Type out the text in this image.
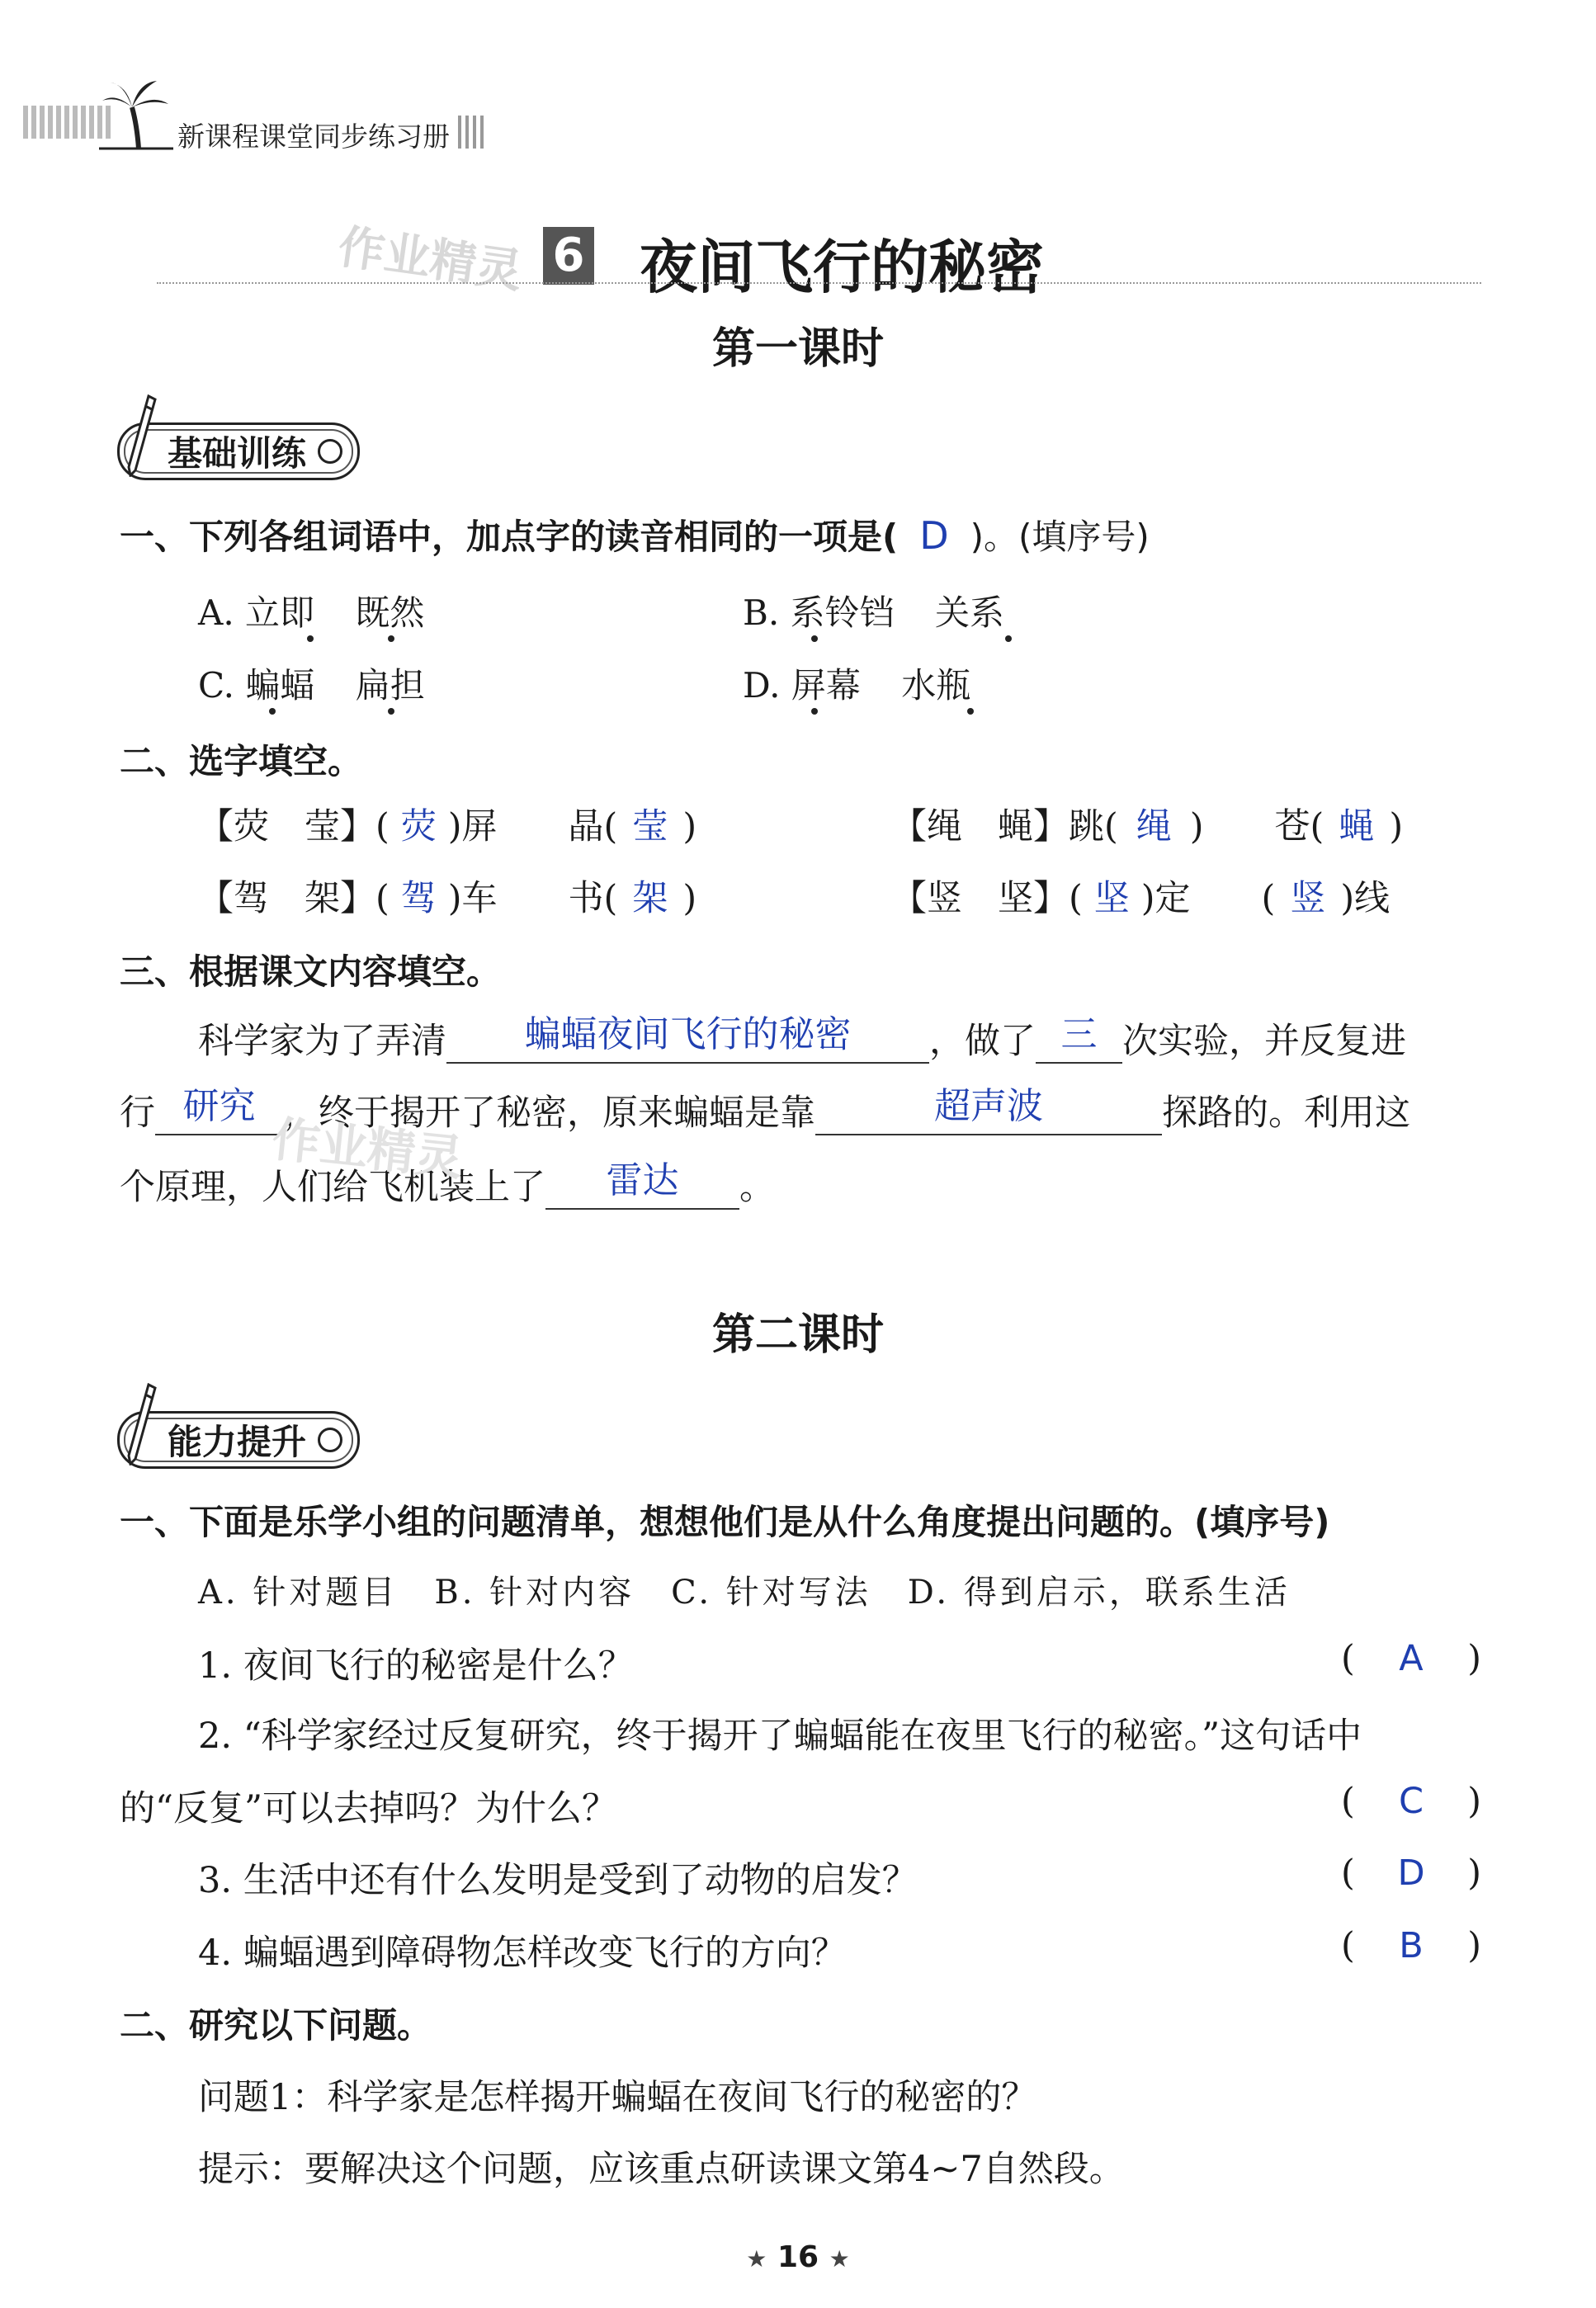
新课程课堂同步练习册
作业精灵 6 夜间飞行的秘密
第一课时
基础训练
一、下列各组词语中，加点字的读音相同的一项是( D )。(填序号)
A. 立即 既然	B. 系铃铛 关系
C. 蝙蝠 扁担	D. 屏幕 水瓶
二、选字填空。
【荧　莹】( 荧 )屏　　晶( 莹 )	【绳　蝇】跳( 绳 )　　苍( 蝇 )
【驾　架】( 驾 )车　　书( 架 )	【竖　坚】( 坚 )定　　( 竖 )线
三、根据课文内容填空。
科学家为了弄清	蝙蝠夜间飞行的秘密	，做了 三 次实验，并反复进
行 研究 ，终于揭开了秘密，原来蝙蝠是靠	超声波	探路的。利用这
个原理，人们给飞机装上了	雷达	。
作业精灵
第二课时
能力提升
一、下面是乐学小组的问题清单，想想他们是从什么角度提出问题的。(填序号)
A. 针对题目　B. 针对内容　C. 针对写法　D. 得到启示，联系生活
1. 夜间飞行的秘密是什么？	( A )
2. “科学家经过反复研究，终于揭开了蝙蝠能在夜里飞行的秘密。”这句话中
的“反复”可以去掉吗？为什么？	( C )
3. 生活中还有什么发明是受到了动物的启发？	( D )
4. 蝙蝠遇到障碍物怎样改变飞行的方向？	( B )
二、研究以下问题。
问题1：科学家是怎样揭开蝙蝠在夜间飞行的秘密的？
提示：要解决这个问题，应该重点研读课文第4~7自然段。
★ 16 ★
